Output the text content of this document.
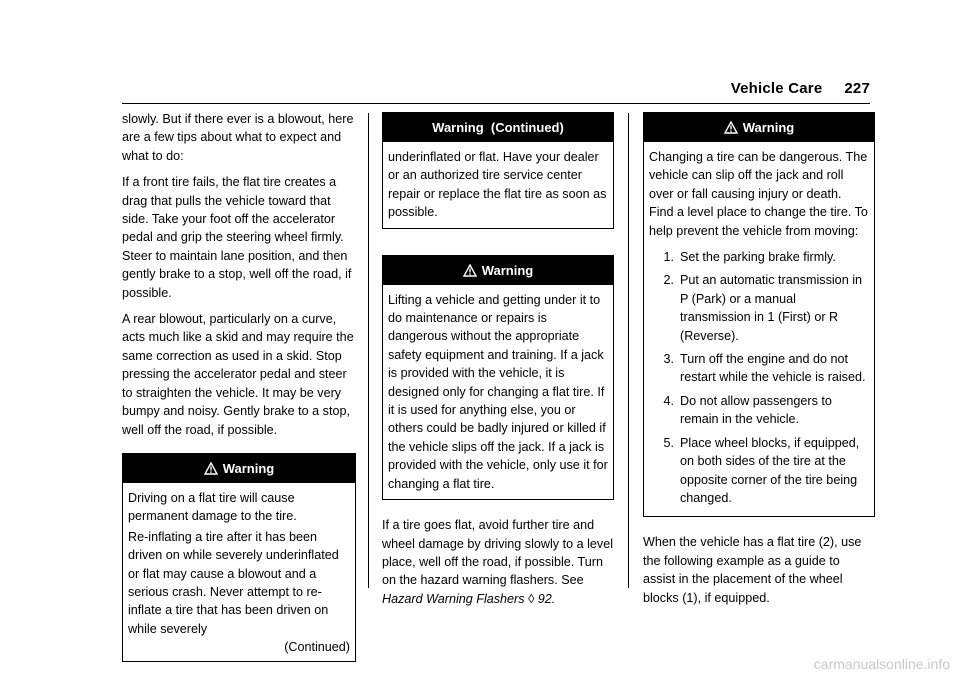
Vehicle Care 227

slowly. But if there ever is a blowout, here are a few tips about what to expect and what to do:

If a front tire fails, the flat tire creates a drag that pulls the vehicle toward that side. Take your foot off the accelerator pedal and grip the steering wheel firmly. Steer to maintain lane position, and then gently brake to a stop, well off the road, if possible.

A rear blowout, particularly on a curve, acts much like a skid and may require the same correction as used in a skid. Stop pressing the accelerator pedal and steer to straighten the vehicle. It may be very bumpy and noisy. Gently brake to a stop, well off the road, if possible.

Warning

Driving on a flat tire will cause permanent damage to the tire.

Re-inflating a tire after it has been driven on while severely underinflated or flat may cause a blowout and a serious crash. Never attempt to re-inflate a tire that has been driven on while severely

(Continued)
Warning  (Continued)

underinflated or flat. Have your dealer or an authorized tire service center repair or replace the flat tire as soon as possible.

Warning

Lifting a vehicle and getting under it to do maintenance or repairs is dangerous without the appropriate safety equipment and training. If a jack is provided with the vehicle, it is designed only for changing a flat tire. If it is used for anything else, you or others could be badly injured or killed if the vehicle slips off the jack. If a jack is provided with the vehicle, only use it for changing a flat tire.

If a tire goes flat, avoid further tire and wheel damage by driving slowly to a level place, well off the road, if possible. Turn on the hazard warning flashers. See Hazard Warning Flashers ◊ 92.

Warning

Changing a tire can be dangerous. The vehicle can slip off the jack and roll over or fall causing injury or death. Find a level place to change the tire. To help prevent the vehicle from moving:

1. Set the parking brake firmly.
2. Put an automatic transmission in P (Park) or a manual transmission in 1 (First) or R (Reverse).
3. Turn off the engine and do not restart while the vehicle is raised.
4. Do not allow passengers to remain in the vehicle.
5. Place wheel blocks, if equipped, on both sides of the tire at the opposite corner of the tire being changed.

When the vehicle has a flat tire (2), use the following example as a guide to assist in the placement of the wheel blocks (1), if equipped.

carmanualsonline.info
